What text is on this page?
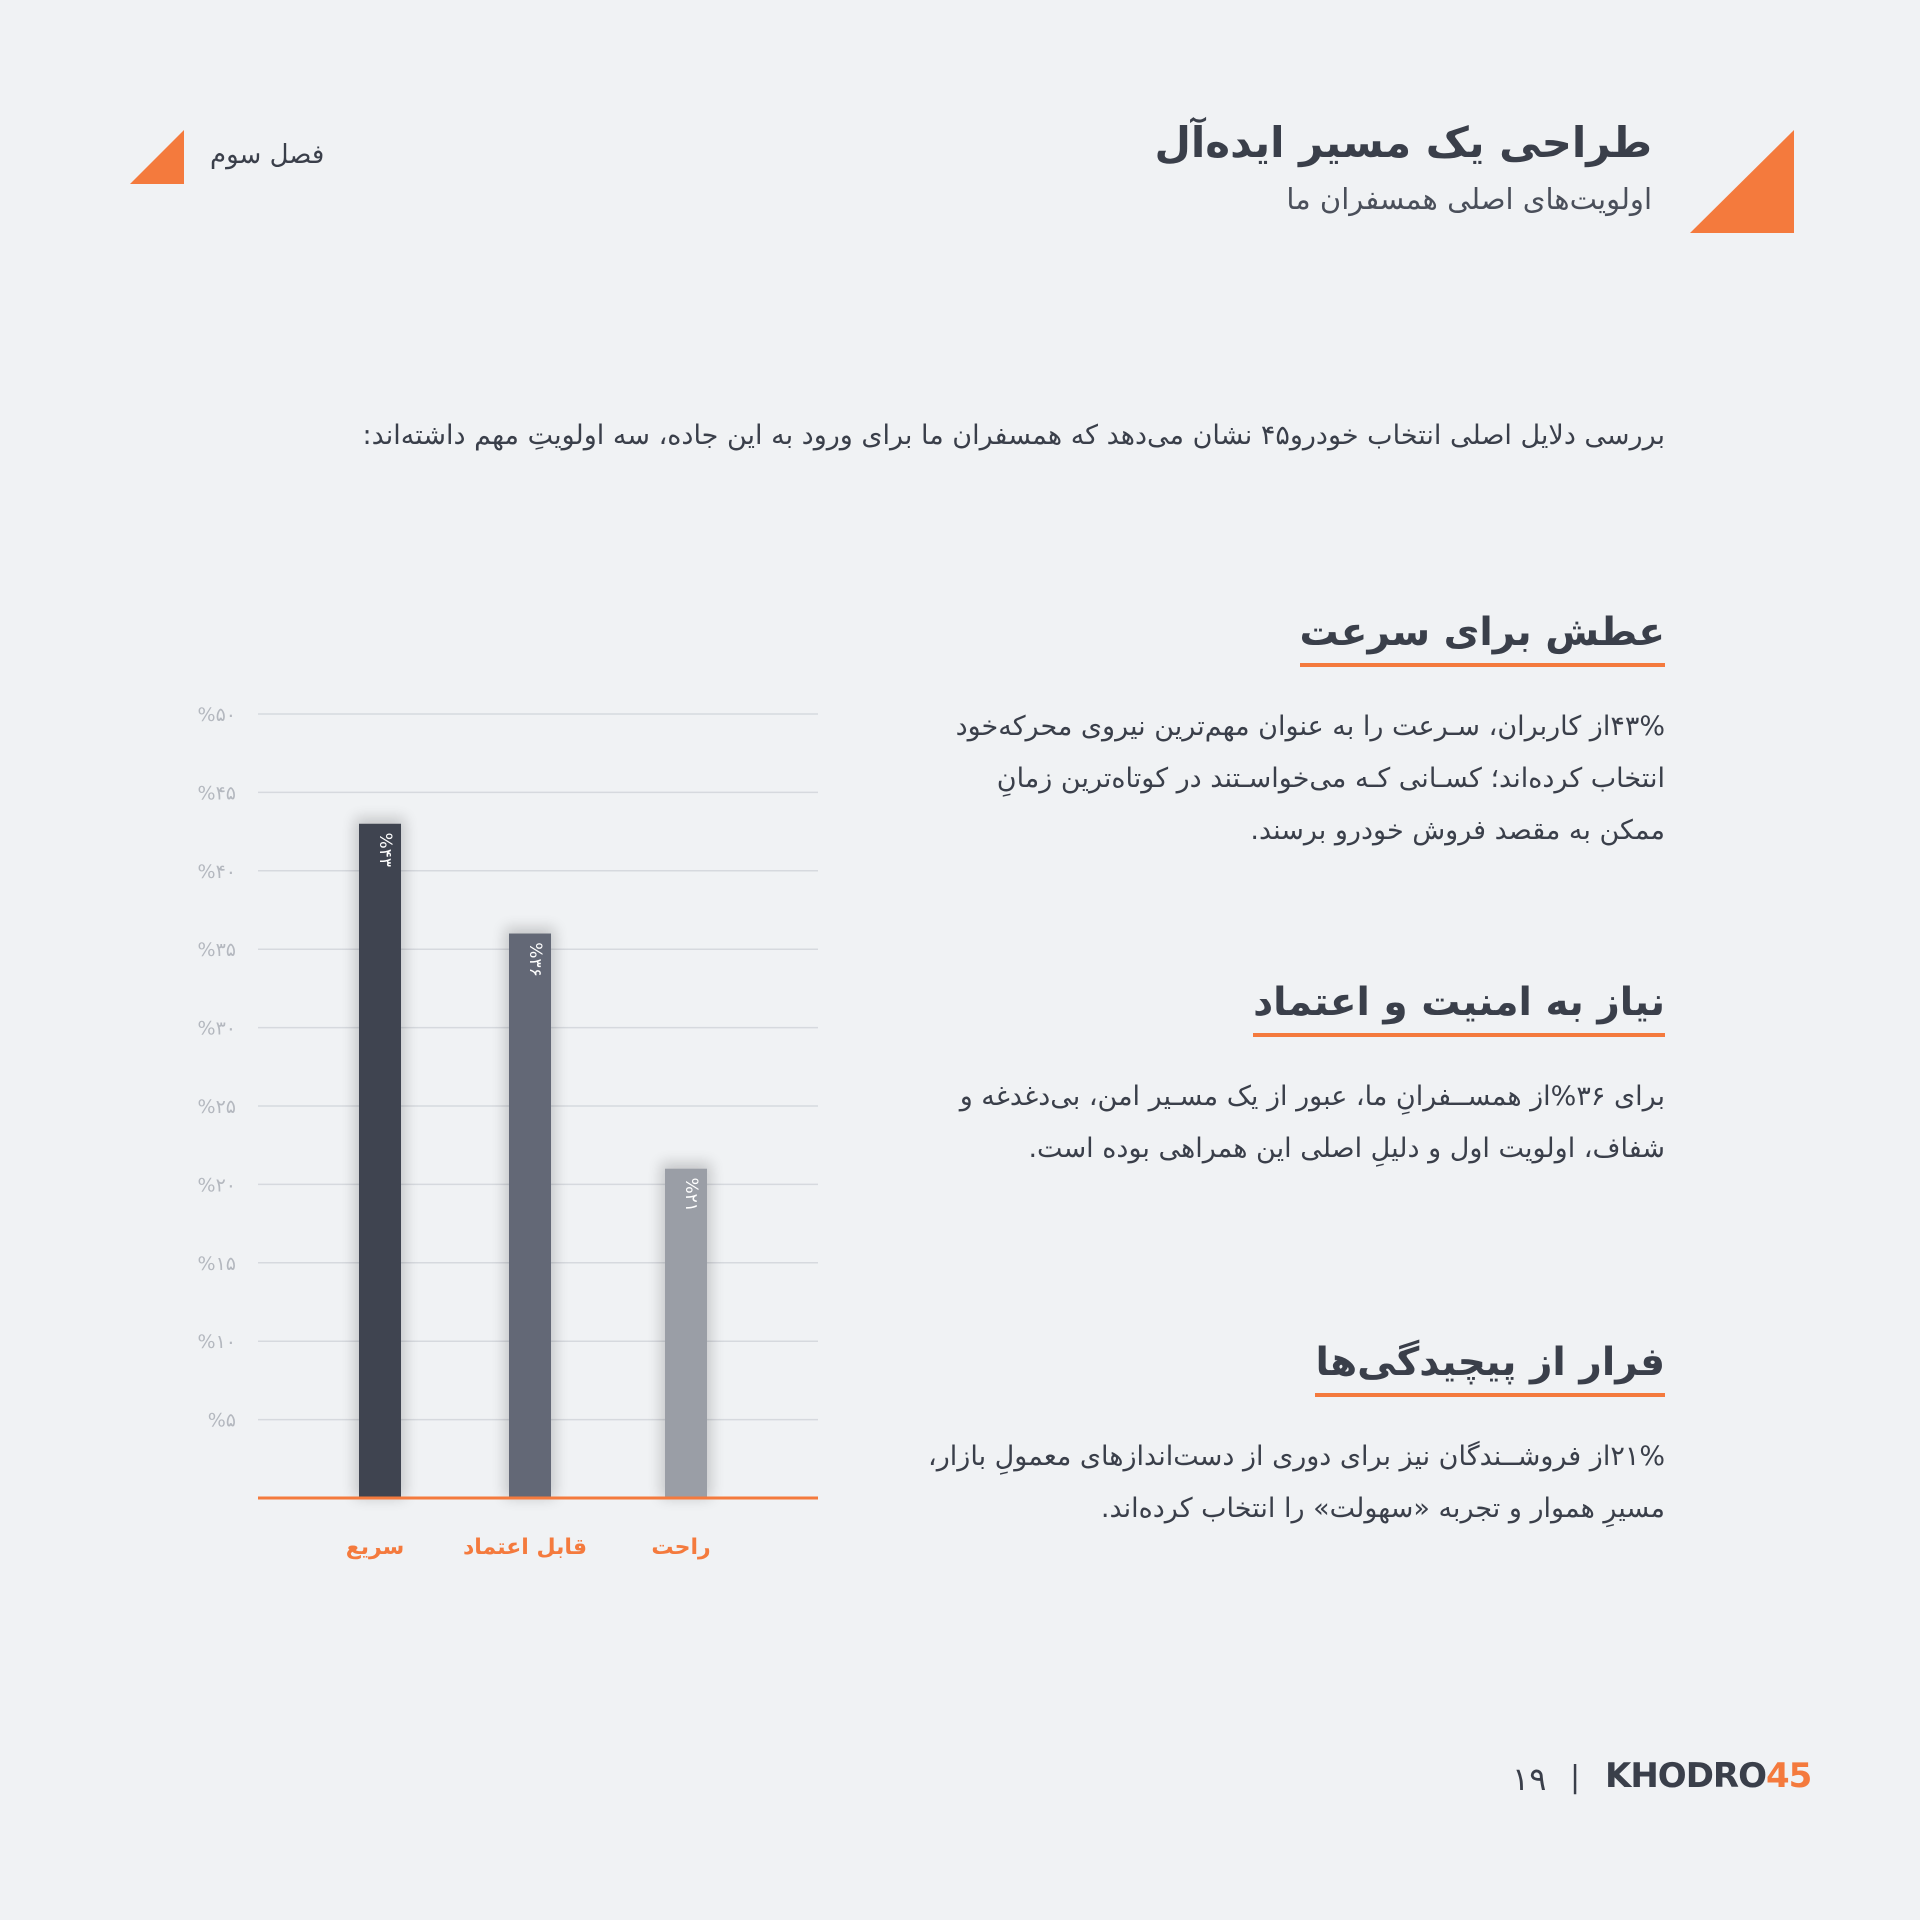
طراحی یک مسیر ایده‌آل
اولویت‌های اصلی همسفران ما
فصل سوم
بررسی دلایل اصلی انتخاب خودرو۴۵ نشان می‌دهد که همسفران ما برای ورود به این جاده، سه اولویتِ مهم داشته‌اند:
عطش برای سرعت
۴۳%از کاربران، سـرعت را به عنوان مهم‌ترین نیروی محرکه‌خود انتخاب کرده‌اند؛ کسـانی کـه می‌خواسـتند در کوتاه‌ترین زمانِ ممکن به مقصد فروش خودرو برسند.
نیاز به امنیت و اعتماد
برای ۳۶%از همســفرانِ ما، عبور از یک مسـیر امن، بی‌دغدغه و شفاف، اولویت اول و دلیلِ اصلی این همراهی بوده است.
فرار از پیچیدگی‌ها
۲۱%از فروشــندگان نیز برای دوری از دست‌اندازهای معمولِ بازار، مسیرِ هموار و تجربه «سهولت» را انتخاب کرده‌اند.
%۵۰
%۴۵
%۴۰
%۳۵
%۳۰
%۲۵
%۲۰
%۱۵
%۱۰
%۵
%۴۳
سریع
%۳۶
قابل اعتماد
%۲۱
راحت
۱۹ | KHODRO45
